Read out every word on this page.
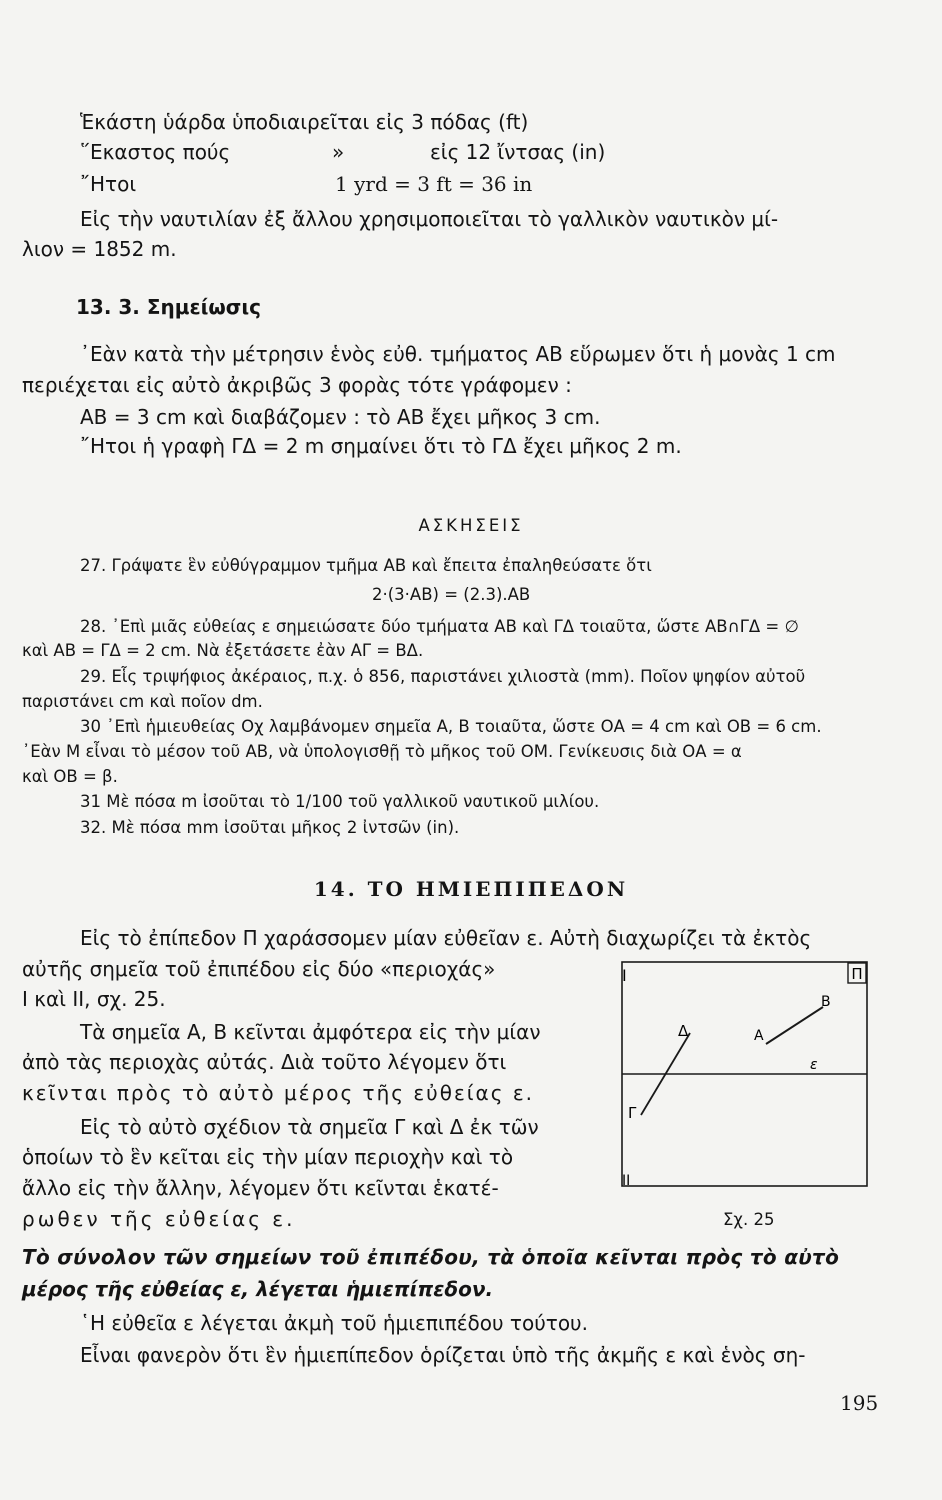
Ἑκάστη ὑάρδα ὑποδιαιρεῖται εἰς 3 πόδας (ft)
῞Εκαστος πούς	»	εἰς 12 ἴντσας (in)
῎Ητοι	1 yrd = 3 ft = 36 in
Εἰς τὴν ναυτιλίαν ἐξ ἄλλου χρησιμοποιεῖται τὸ γαλλικὸν ναυτικὸν μί-
λιον = 1852 m.
13. 3. Σημείωσις
᾿Εὰν κατὰ τὴν μέτρησιν ἑνὸς εὐθ. τμήματος ΑΒ εὕρωμεν ὅτι ἡ μονὰς 1 cm
περιέχεται εἰς αὐτὸ ἀκριβῶς 3 φορὰς τότε γράφομεν :
ΑΒ = 3 cm καὶ διαβάζομεν : τὸ ΑΒ ἔχει μῆκος 3 cm.
῎Ητοι ἡ γραφὴ ΓΔ = 2 m σημαίνει ὅτι τὸ ΓΔ ἔχει μῆκος 2 m.
ΑΣΚΗΣΕΙΣ
27. Γράψατε ἓν εὐθύγραμμον τμῆμα ΑΒ καὶ ἔπειτα ἐπαληθεύσατε ὅτι
2·(3·ΑΒ) = (2.3).ΑΒ
28. ᾿Επὶ μιᾶς εὐθείας ε σημειώσατε δύο τμήματα ΑΒ καὶ ΓΔ τοιαῦτα, ὥστε ΑΒ∩ΓΔ = ∅
καὶ ΑΒ = ΓΔ = 2 cm. Νὰ ἐξετάσετε ἐὰν ΑΓ = ΒΔ.
29. Εἷς τριψήφιος ἀκέραιος, π.χ. ὁ 856, παριστάνει χιλιοστὰ (mm). Ποῖον ψηφίον αὐτοῦ
παριστάνει cm καὶ ποῖον dm.
30 ᾿Επὶ ἡμιευθείας Οχ λαμβάνομεν σημεῖα Α, Β τοιαῦτα, ὥστε ΟΑ = 4 cm καὶ ΟΒ = 6 cm.
᾿Εὰν Μ εἶναι τὸ μέσον τοῦ ΑΒ, νὰ ὑπολογισθῇ τὸ μῆκος τοῦ ΟΜ. Γενίκευσις διὰ ΟΑ = α
καὶ ΟΒ = β.
31 Μὲ πόσα m ἰσοῦται τὸ 1/100 τοῦ γαλλικοῦ ναυτικοῦ μιλίου.
32. Μὲ πόσα mm ἰσοῦται μῆκος 2 ἰντσῶν (in).
14. ΤΟ ΗΜΙΕΠΙΠΕΔΟΝ
Εἰς τὸ ἐπίπεδον Π χαράσσομεν μίαν εὐθεῖαν ε. Αὐτὴ διαχωρίζει τὰ ἐκτὸς
αὐτῆς σημεῖα τοῦ ἐπιπέδου εἰς δύο «περιοχάς»
Ι καὶ ΙΙ, σχ. 25.
Τὰ σημεῖα Α, Β κεῖνται ἀμφότερα εἰς τὴν μίαν
ἀπὸ τὰς περιοχὰς αὐτάς. Διὰ τοῦτο λέγομεν ὅτι
κεῖνται πρὸς τὸ αὐτὸ μέρος τῆς εὐθείας ε.
Εἰς τὸ αὐτὸ σχέδιον τὰ σημεῖα Γ καὶ Δ ἐκ τῶν
ὁποίων τὸ ἓν κεῖται εἰς τὴν μίαν περιοχὴν καὶ τὸ
ἄλλο εἰς τὴν ἄλλην, λέγομεν ὅτι κεῖνται ἑκατέ-
ρωθεν τῆς εὐθείας ε.
Π
Ι
ΙΙ
Α
Β
Δ
Γ
ε
Σχ. 25
Τὸ σύνολον τῶν σημείων τοῦ ἐπιπέδου, τὰ ὁποῖα κεῖνται πρὸς τὸ αὐτὸ
μέρος τῆς εὐθείας ε, λέγεται ἡμιεπίπεδον.
῾Η εὐθεῖα ε λέγεται ἀκμὴ τοῦ ἡμιεπιπέδου τούτου.
Εἶναι φανερὸν ὅτι ἓν ἡμιεπίπεδον ὁρίζεται ὑπὸ τῆς ἀκμῆς ε καὶ ἑνὸς ση-
195
